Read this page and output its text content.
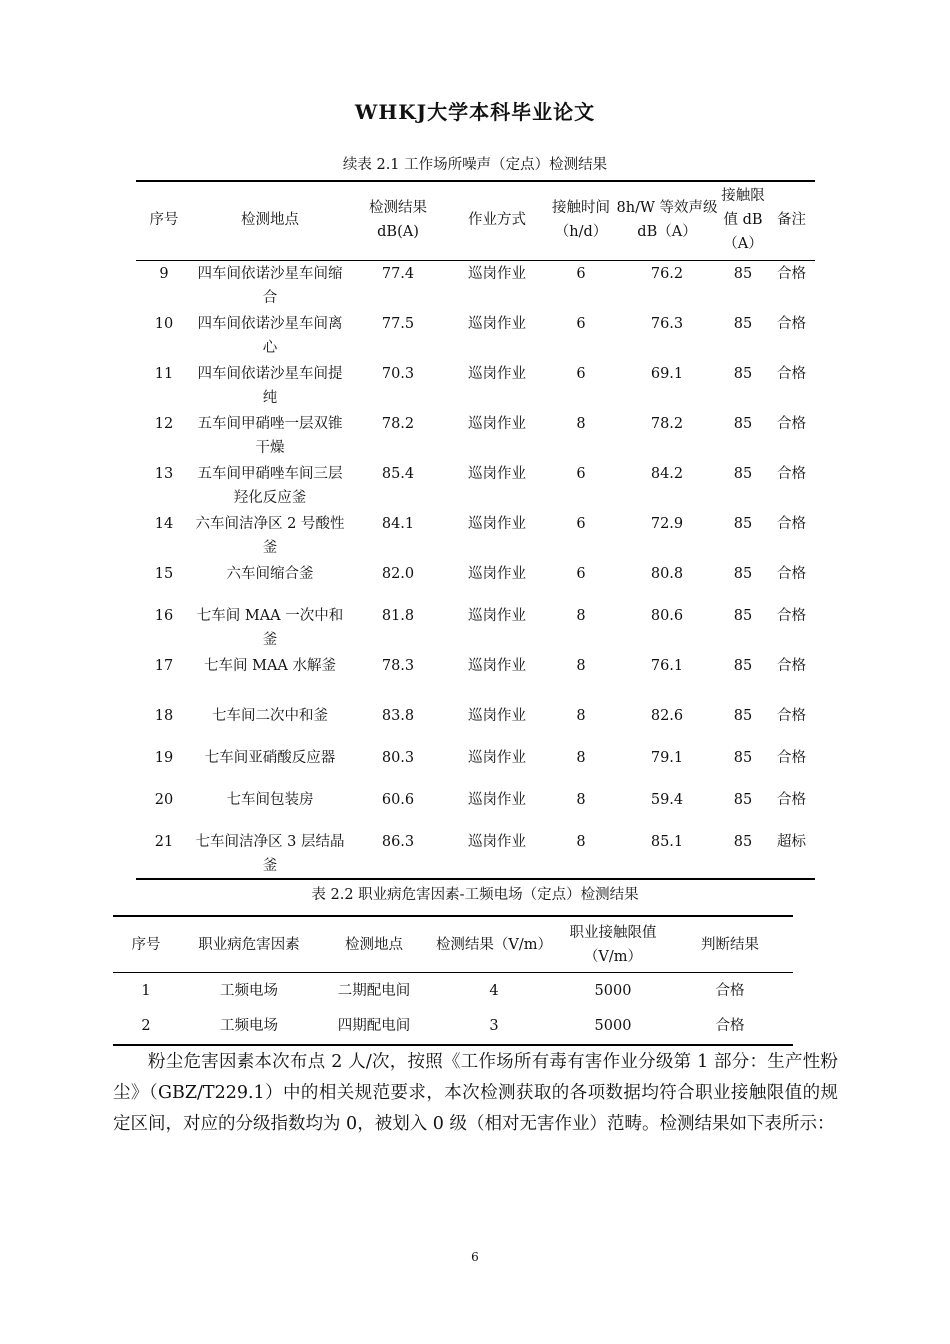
WHKJ大学本科毕业论文
续表 2.1 工作场所噪声（定点）检测结果
序号	检测地点	检测结果 dB(A)	作业方式	接触时间（h/d）	8h/W 等效声级 dB（A）	接触限值 dB（A）	备注
9	四车间依诺沙星车间缩合	77.4	巡岗作业	6	76.2	85	合格
10	四车间依诺沙星车间离心	77.5	巡岗作业	6	76.3	85	合格
11	四车间依诺沙星车间提纯	70.3	巡岗作业	6	69.1	85	合格
12	五车间甲硝唑一层双锥干燥	78.2	巡岗作业	8	78.2	85	合格
13	五车间甲硝唑车间三层羟化反应釜	85.4	巡岗作业	6	84.2	85	合格
14	六车间洁净区 2 号酸性釜	84.1	巡岗作业	6	72.9	85	合格
15	六车间缩合釜	82.0	巡岗作业	6	80.8	85	合格
16	七车间 MAA 一次中和釜	81.8	巡岗作业	8	80.6	85	合格
17	七车间 MAA 水解釜	78.3	巡岗作业	8	76.1	85	合格
18	七车间二次中和釜	83.8	巡岗作业	8	82.6	85	合格
19	七车间亚硝酸反应器	80.3	巡岗作业	8	79.1	85	合格
20	七车间包装房	60.6	巡岗作业	8	59.4	85	合格
21	七车间洁净区 3 层结晶釜	86.3	巡岗作业	8	85.1	85	超标
表 2.2 职业病危害因素-工频电场（定点）检测结果
序号	职业病危害因素	检测地点	检测结果（V/m）	职业接触限值（V/m）	判断结果
1	工频电场	二期配电间	4	5000	合格
2	工频电场	四期配电间	3	5000	合格
粉尘危害因素本次布点 2 人/次，按照《工作场所有毒有害作业分级第 1 部分：生产性粉尘》（GBZ/T229.1）中的相关规范要求，本次检测获取的各项数据均符合职业接触限值的规定区间，对应的分级指数均为 0，被划入 0 级（相对无害作业）范畴。检测结果如下表所示：
6
